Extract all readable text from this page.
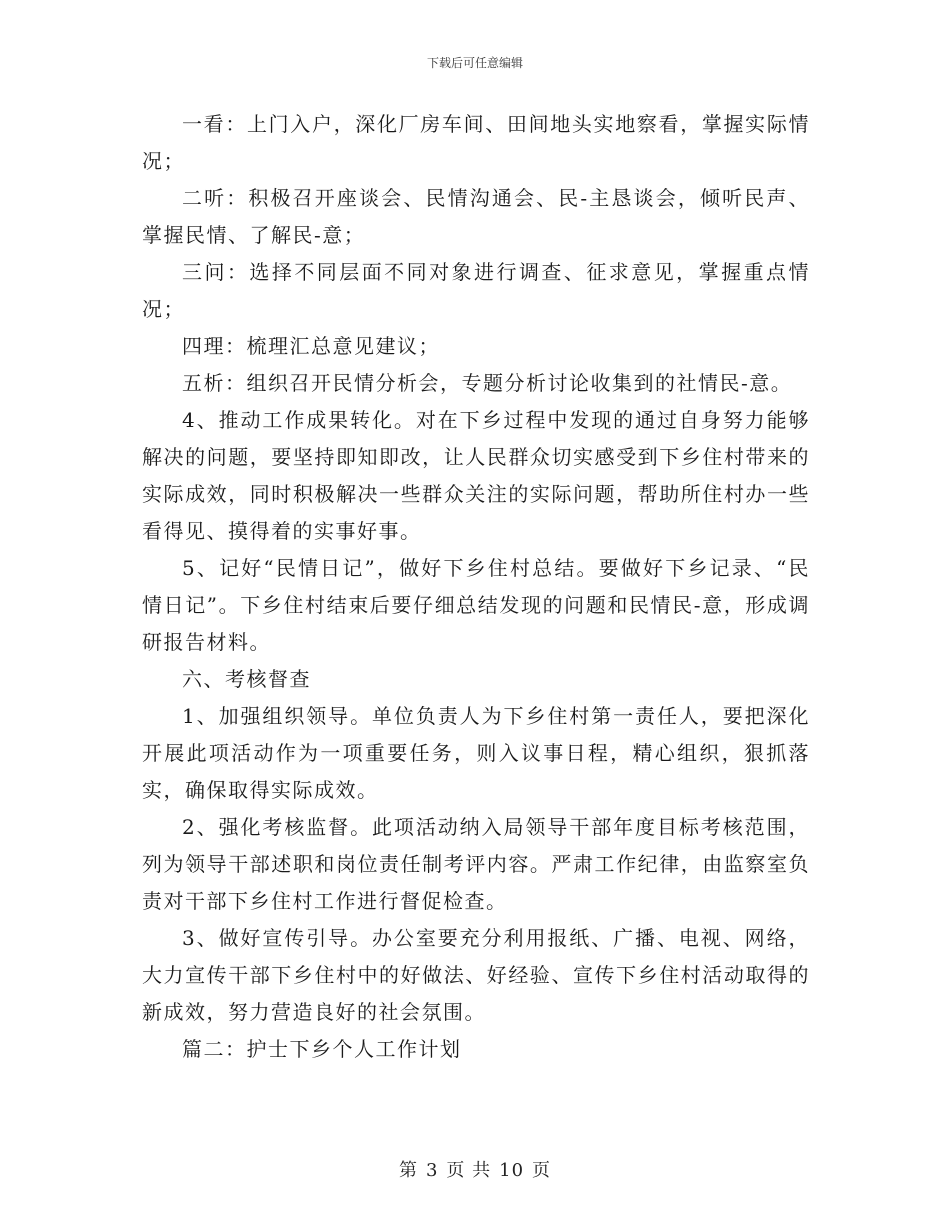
下载后可任意编辑

一看：上门入户，深化厂房车间、田间地头实地察看，掌握实际情况；

二听：积极召开座谈会、民情沟通会、民-主恳谈会，倾听民声、掌握民情、了解民-意；

三问：选择不同层面不同对象进行调查、征求意见，掌握重点情况；

四理：梳理汇总意见建议；

五析：组织召开民情分析会，专题分析讨论收集到的社情民-意。

4、推动工作成果转化。对在下乡过程中发现的通过自身努力能够解决的问题，要坚持即知即改，让人民群众切实感受到下乡住村带来的实际成效，同时积极解决一些群众关注的实际问题，帮助所住村办一些看得见、摸得着的实事好事。

5、记好“民情日记”，做好下乡住村总结。要做好下乡记录、“民情日记”。下乡住村结束后要仔细总结发现的问题和民情民-意，形成调研报告材料。

六、考核督查

1、加强组织领导。单位负责人为下乡住村第一责任人，要把深化开展此项活动作为一项重要任务，则入议事日程，精心组织，狠抓落实，确保取得实际成效。

2、强化考核监督。此项活动纳入局领导干部年度目标考核范围，列为领导干部述职和岗位责任制考评内容。严肃工作纪律，由监察室负责对干部下乡住村工作进行督促检查。

3、做好宣传引导。办公室要充分利用报纸、广播、电视、网络，大力宣传干部下乡住村中的好做法、好经验、宣传下乡住村活动取得的新成效，努力营造良好的社会氛围。

篇二：护士下乡个人工作计划

第 3 页 共 10 页
